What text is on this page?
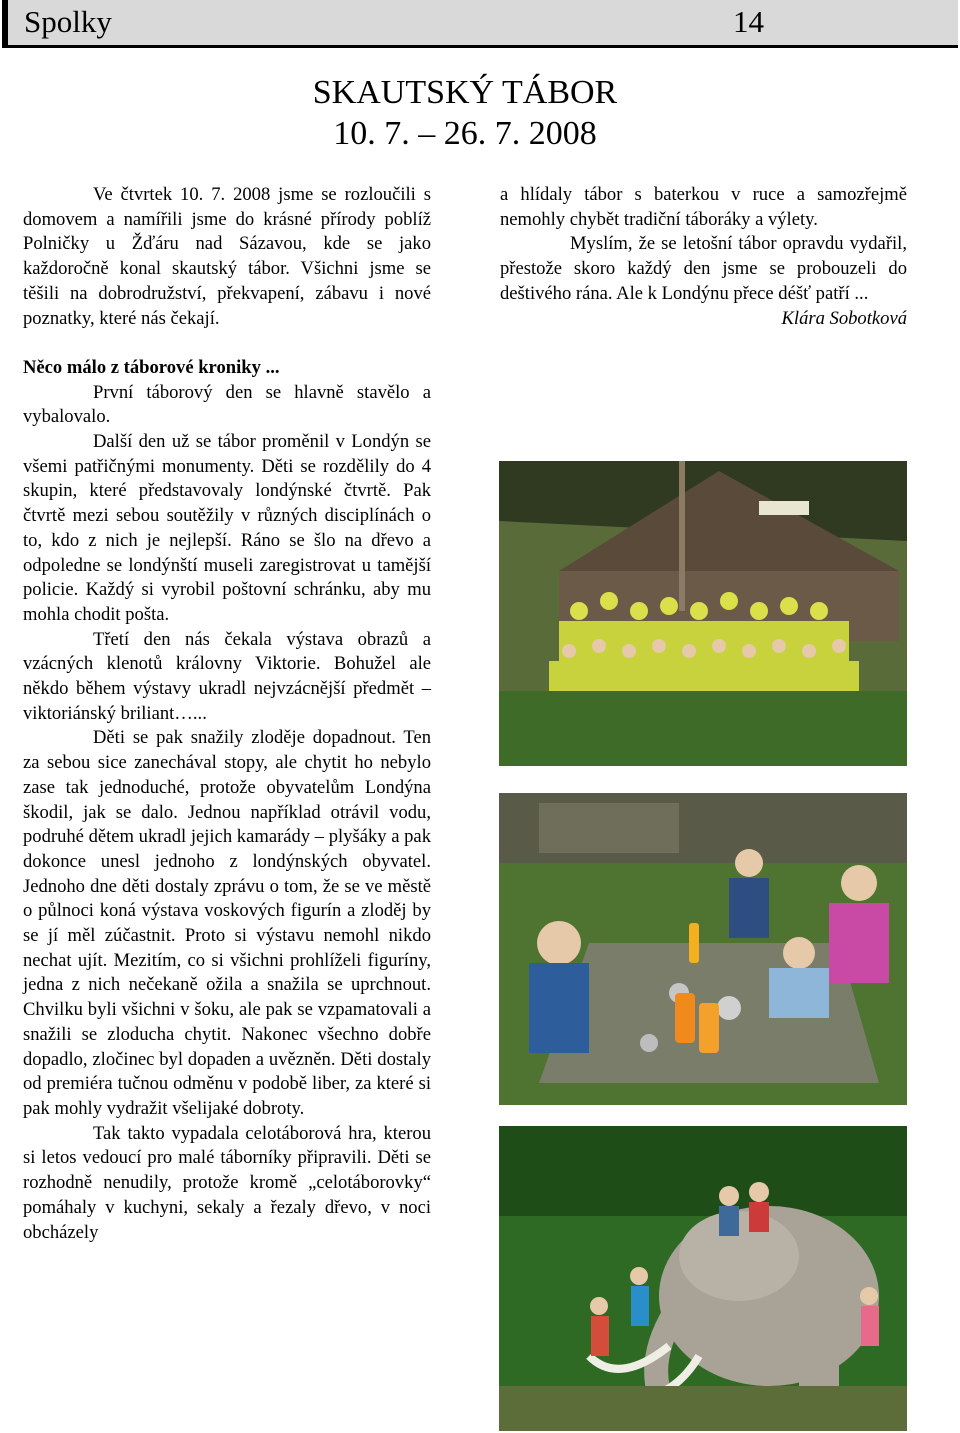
Spolky	14
SKAUTSKÝ TÁBOR
10. 7. – 26. 7. 2008

Ve čtvrtek 10. 7. 2008 jsme se rozloučili s domovem a namířili jsme do krásné přírody poblíž Polničky u Žďáru nad Sázavou, kde se jako každoročně konal skautský tábor. Všichni jsme se těšili na dobrodružství, překvapení, zábavu i nové poznatky, které nás čekají.

Něco málo z táborové kroniky ...

První táborový den se hlavně stavělo a vybalovalo.

Další den už se tábor proměnil v Londýn se všemi patřičnými monumenty. Děti se rozdělily do 4 skupin, které představovaly londýnské čtvrtě. Pak čtvrtě mezi sebou soutěžily v různých disciplínách o to, kdo z nich je nejlepší. Ráno se šlo na dřevo a odpoledne se londýnští museli zaregistrovat u tamější policie. Každý si vyrobil poštovní schránku, aby mu mohla chodit pošta.

Třetí den nás čekala výstava obrazů a vzácných klenotů královny Viktorie. Bohužel ale někdo během výstavy ukradl nejvzácnější předmět – viktoriánský briliant…...

Děti se pak snažily zloděje dopadnout. Ten za sebou sice zanechával stopy, ale chytit ho nebylo zase tak jednoduché, protože obyvatelům Londýna škodil, jak se dalo. Jednou například otrávil vodu, podruhé dětem ukradl jejich kamarády – plyšáky a pak dokonce unesl jednoho z londýnských obyvatel. Jednoho dne děti dostaly zprávu o tom, že se ve městě o půlnoci koná výstava voskových figurín a zloděj by se jí měl zúčastnit. Proto si výstavu nemohl nikdo nechat ujít. Mezitím, co si všichni prohlíželi figuríny, jedna z nich nečekaně ožila a snažila se uprchnout. Chvilku byli všichni v šoku, ale pak se vzpamatovali a snažili se zloducha chytit. Nakonec všechno dobře dopadlo, zločinec byl dopaden a uvězněn. Děti dostaly od premiéra tučnou odměnu v podobě liber, za které si pak mohly vydražit všelijaké dobroty.

Tak takto vypadala celotáborová hra, kterou si letos vedoucí pro malé táborníky připravili. Děti se rozhodně nenudily, protože kromě „celotáborovky“ pomáhaly v kuchyni, sekaly a řezaly dřevo, v noci obcházely

a hlídaly tábor s baterkou v ruce a samozřejmě nemohly chybět tradiční táboráky a výlety.

Myslím, že se letošní tábor opravdu vydařil, přestože skoro každý den jsme se probouzeli do deštivého rána. Ale k Londýnu přece déšť patří ...

Klára Sobotková
